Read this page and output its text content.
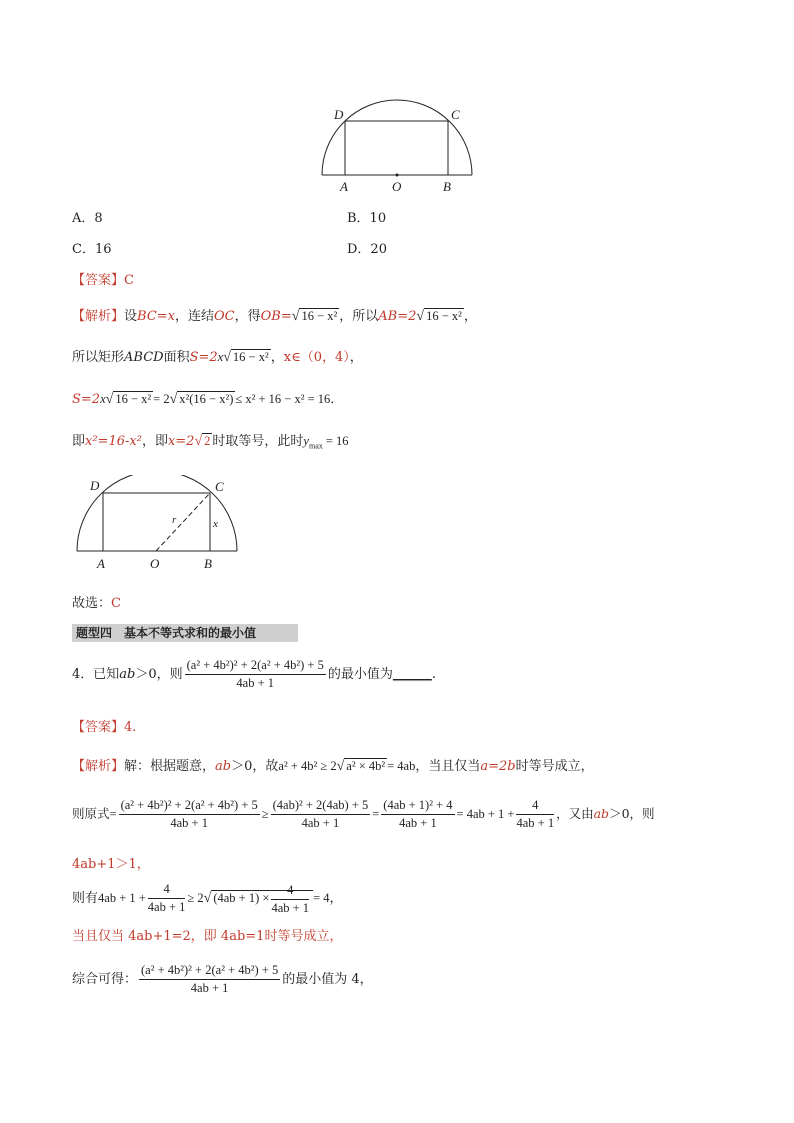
D	C
A	O	B
A．8	B．10
C．16	D．20
【答案】C
【解析】设BC=x，连结OC，得OB=√ 16 − x² ，所以AB=2√ 16 − x² ，
所以矩形ABCD面积S=2x√ 16 − x² ，x∈（0，4），
S=2x√ 16 − x² = 2√ x²(16 − x²) ≤ x² + 16 − x² = 16．
即x²=16-x²，即x=2√ 2 时取等号，此时$y_{max} = 16$
D	C
A	O	B
r	x
故选：C
题型四　基本不等式求和的最小值
4．已知ab＞0，则 $\frac{\text{(a² + 4b²)² + 2(a² + 4b²) + 5}}{4ab + 1}$ 的最小值为______.
【答案】4.
【解析】解：根据题意，ab＞0，故a² + 4b² ≥ 2√ a² × 4b² = 4ab，当且仅当a=2b时等号成立，
则原式= $\frac{\text{(a² + 4b²)² + 2(a² + 4b²) + 5}}{4ab + 1} \ge \frac{\text{(4ab)² + 2(4ab) + 5}}{4ab + 1} = \frac{\text{(4ab + 1)² + 4}}{4ab + 1} = 4ab + 1 + \frac{4}{4ab + 1}$ ，又由ab＞0，则
4ab+1＞1，
则有$4ab + 1 + \frac{4}{4ab + 1} \ge 2√$ $(4ab + 1) \times \frac{4}{4ab + 1} = 4$，
当且仅当 4ab+1=2，即 4ab=1时等号成立，
综合可得： $\frac{\text{(a² + 4b²)² + 2(a² + 4b²) + 5}}{4ab + 1}$ 的最小值为 4，
